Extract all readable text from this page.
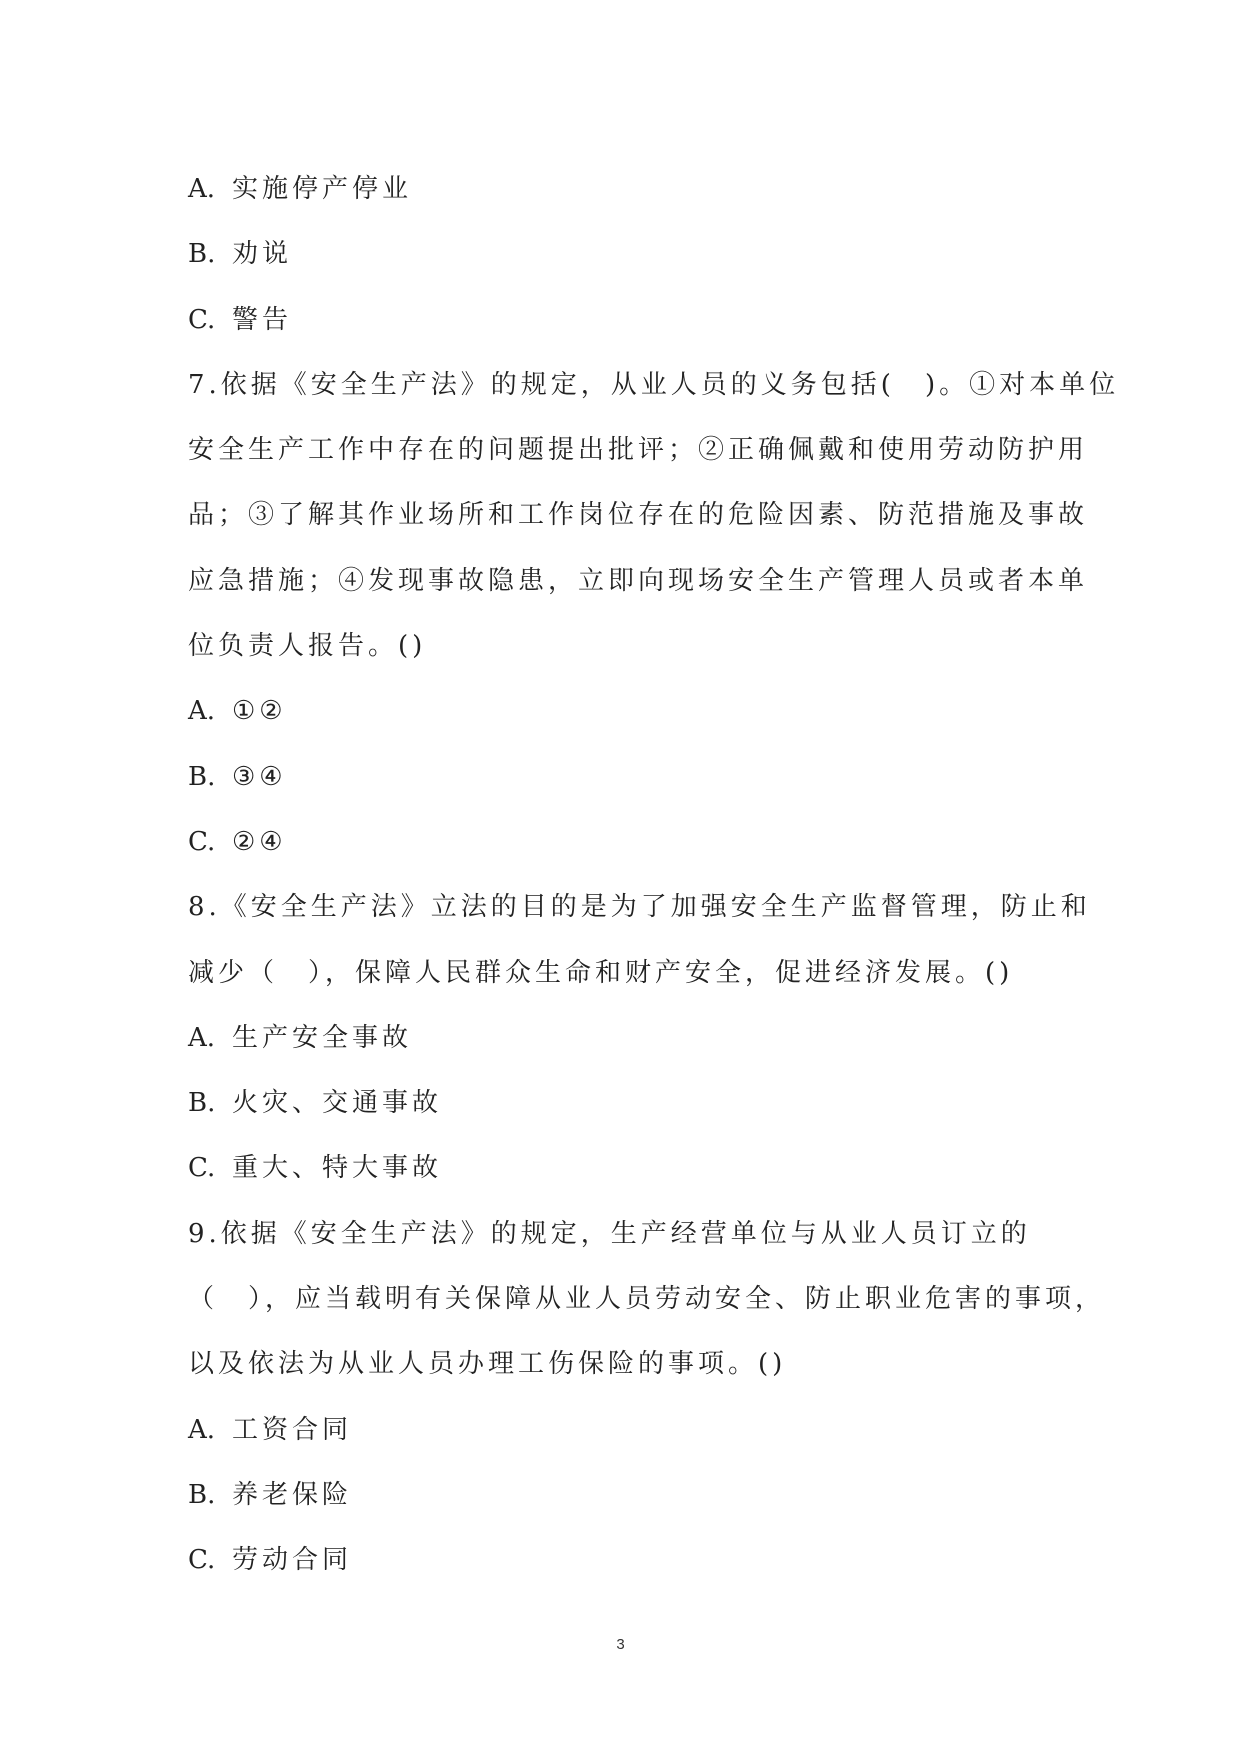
A. 实施停产停业
B. 劝说
C. 警告
7.依据《安全生产法》的规定，从业人员的义务包括(　)。①对本单位
安全生产工作中存在的问题提出批评；②正确佩戴和使用劳动防护用
品；③了解其作业场所和工作岗位存在的危险因素、防范措施及事故
应急措施；④发现事故隐患，立即向现场安全生产管理人员或者本单
位负责人报告。()
A. ①②
B. ③④
C. ②④
8.《安全生产法》立法的目的是为了加强安全生产监督管理，防止和
减少（　），保障人民群众生命和财产安全，促进经济发展。()
A. 生产安全事故
B. 火灾、交通事故
C. 重大、特大事故
9.依据《安全生产法》的规定，生产经营单位与从业人员订立的
（　），应当载明有关保障从业人员劳动安全、防止职业危害的事项，
以及依法为从业人员办理工伤保险的事项。()
A. 工资合同
B. 养老保险
C. 劳动合同
3
